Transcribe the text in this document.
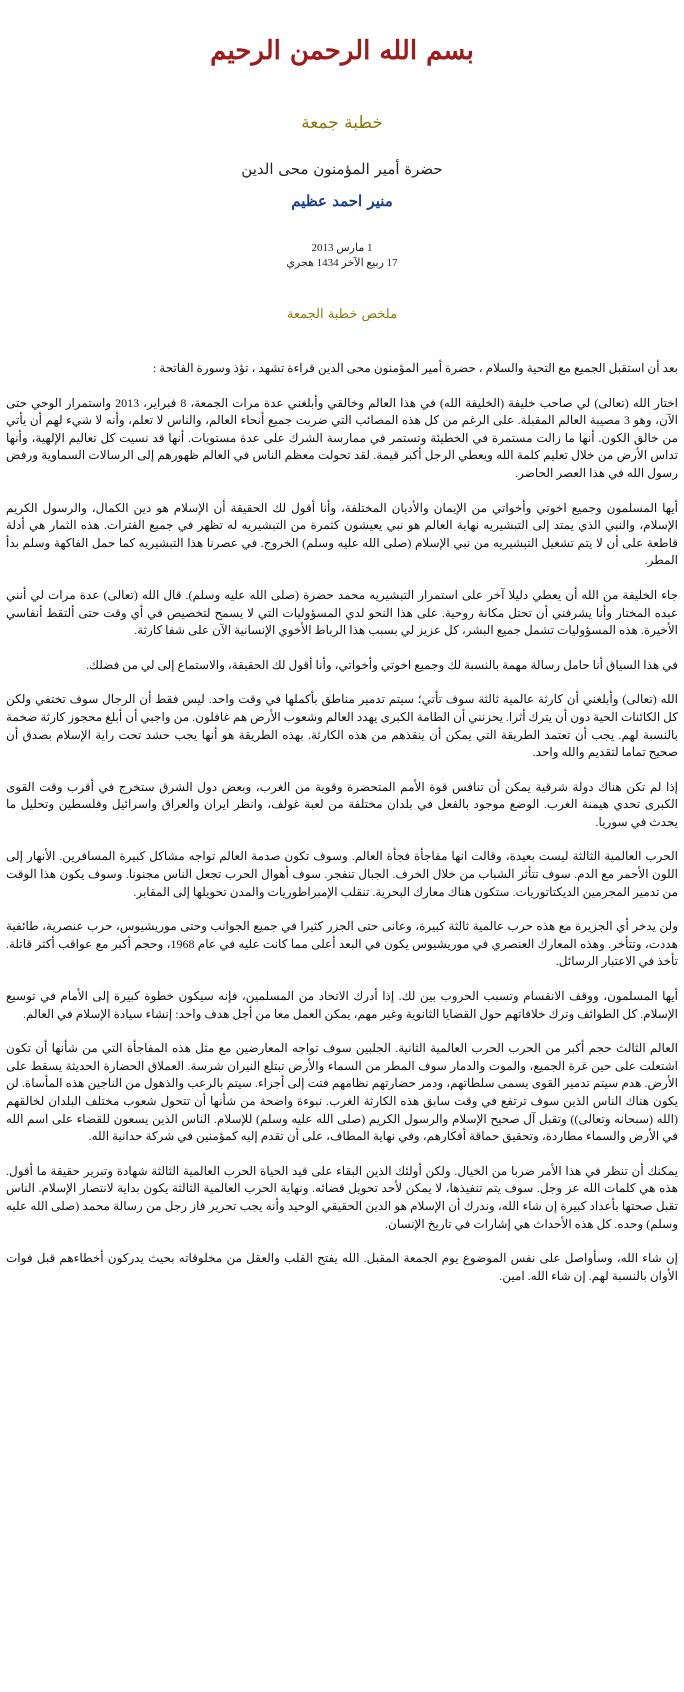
بسم الله الرحمن الرحيم
خطبة جمعة
حضرة أمير المؤمنون محى الدين
منير احمد عظيم
1 مارس 2013
17 ربيع الآخر 1434 هجري
ملخص خطبة الجمعة

بعد أن استقبل الجميع مع التحية والسلام ، حضرة أمير المؤمنون محى الدين قراءة تشهد ، تؤذ وسورة الفاتحة :

اختار الله (تعالى) لي صاحب خليفة (الخليفة الله) في هذا العالم وخالقي وأبلغني عدة مرات الجمعة، 8 فبراير، 2013 واستمرار الوحي حتى الآن، وهو 3 مصيبة العالم المقبلة. على الرغم من كل هذه المصائب التي ضربت جميع أنحاء العالم، والناس لا تعلم، وأنه لا شيء لهم أن يأتي من خالق الكون. أنها ما زالت مستمرة في الخطيئة وتستمر في ممارسة الشرك على عدة مستويات. أنها قد نسيت كل تعاليم الإلهية، وأنها تداس الأرض من خلال تعليم كلمة الله ويعطي الرجل أكبر قيمة. لقد تحولت معظم الناس في العالم ظهورهم إلى الرسالات السماوية ورفض رسول الله في هذا العصر الحاضر.

أيها المسلمون وجميع اخوتي وأخواتي من الإيمان والأديان المختلفة، وأنا أقول لك الحقيقة أن الإسلام هو دين الكمال، والرسول الكريم الإسلام، والنبي الذي يمتد إلى التبشيريه نهاية العالم هو نبي يعيشون كثمرة من التبشيريه له تظهر في جميع الفترات. هذه الثمار هي أدلة قاطعة على أن لا يتم تشغيل التبشيريه من نبي الإسلام (صلى الله عليه وسلم) الخروج. في عصرنا هذا التبشيريه كما حمل الفاكهة وسلم بدأ المطر.

جاء الخليفة من الله أن يعطي دليلا آخر على استمرار التبشيريه محمد حضرة (صلى الله عليه وسلم). قال الله (تعالى) عدة مرات لي أنني عبده المختار وأنا يشرفني أن تحتل مكانة روحية. على هذا النحو لدي المسؤوليات التي لا يسمح لتخصيص في أي وقت حتى ألتقط أنفاسي الأخيرة. هذه المسؤوليات تشمل جميع البشر، كل عزيز لي بسبب هذا الرباط الأخوي الإنسانية الآن على شفا كارثة.

في هذا السياق أنا حامل رسالة مهمة بالنسبة لك وجميع اخوتي وأخواتي، وأنا أقول لك الحقيقة، والاستماع إلى لي من فضلك.

الله (تعالى) وأبلغني أن كارثة عالمية ثالثة سوف تأتي؛ سيتم تدمير مناطق بأكملها في وقت واحد. ليس فقط أن الرجال سوف تختفي ولكن كل الكائنات الحية دون أن يترك أثرا. يحزنني أن الطامة الكبرى يهدد العالم وشعوب الأرض هم غافلون. من واجبي أن أبلغ محجوز كارثة ضخمة بالنسبة لهم. يجب أن تعتمد الطريقة التي يمكن أن ينقذهم من هذه الكارثة. بهذه الطريقة هو أنها يجب حشد تحت راية الإسلام بصدق أن صحيح تماما لتقديم والله واحد.

إذا لم تكن هناك دولة شرقية يمكن أن تنافس قوة الأمم المتحضرة وقوية من الغرب، وبعض دول الشرق ستخرج في أقرب وقت القوى الكبرى تحدي هيمنة الغرب. الوضع موجود بالفعل في بلدان مختلفة من لعبة غولف، وانظر ايران والعراق واسرائيل وفلسطين وتحليل ما يحدث في سوريا.

الحرب العالمية الثالثة ليست بعيدة، وقالت انها مفاجأة فجأة العالم. وسوف تكون صدمة العالم تواجه مشاكل كبيرة المسافرين. الأنهار إلى اللون الأحمر مع الدم. سوف تتأثر الشباب من خلال الخرف. الجبال تنفجر. سوف أهوال الحرب تجعل الناس مجنونا. وسوف يكون هذا الوقت من تدمير المجرمين الديكتاتوريات. ستكون هناك معارك البحرية. تنقلب الإمبراطوريات والمدن تحويلها إلى المقابر.

ولن يدخر أي الجزيرة مع هذه حرب عالمية ثالثة كبيرة، وعانى حتى الجزر كثيرا في جميع الجوانب وحتى موريشيوس، حرب عنصرية، طائفية هددت، وتتأخر. وهذه المعارك العنصري في موريشيوس يكون في البعد أعلى مما كانت عليه في عام 1968، وحجم أكبر مع عواقب أكثر قاتلة. تأخذ في الاعتبار الرسائل.

أيها المسلمون، ووقف الانقسام وتسبب الحروب بين لك. إذا أدرك الاتحاد من المسلمين، فإنه سيكون خطوة كبيرة إلى الأمام في توسيع الإسلام. كل الطوائف وترك خلافاتهم حول القضايا الثانوية وغير مهم، يمكن العمل معا من أجل هدف واحد: إنشاء سيادة الإسلام في العالم.

العالم الثالث حجم أكبر من الحرب الحرب العالمية الثانية. الجلبين سوف تواجه المعارضين مع مثل هذه المفاجأة التي من شأنها أن تكون اشتعلت على حين غرة الجميع، والموت والدمار سوف المطر من السماء والأرض تبتلع النيران شرسة. العملاق الحضارة الحديثة يسقط على الأرض. هدم سيتم تدمير القوى يسمى سلطاتهم، ودمر حضارتهم نظامهم فتت إلى أجزاء. سيتم بالرعب والذهول من الناجين هذه المأساة. لن يكون هناك الناس الذين سوف ترتفع في وقت سابق هذه الكارثة الغرب. نبوءة واضحة من شأنها أن تتحول شعوب مختلف البلدان لخالقهم (الله (سبحانه وتعالى)) وتقبل آل صحيح الإسلام والرسول الكريم (صلى الله عليه وسلم) للإسلام. الناس الذين يسعون للقضاء على اسم الله في الأرض والسماء مطاردة، وتحقيق حماقة أفكارهم، وفي نهاية المطاف، على أن تقدم إليه كمؤمنين في شركة حدانية الله.

يمكنك أن تنظر في هذا الأمر ضربا من الخيال. ولكن أولئك الذين البقاء على قيد الحياة الحرب العالمية الثالثة شهادة وتبرير حقيقة ما أقول. هذه هي كلمات الله عز وجل. سوف يتم تنفيذها، لا يمكن لأحد تحويل قضائه. ونهاية الحرب العالمية الثالثة يكون بداية لانتصار الإسلام. الناس تقبل صحتها بأعداد كبيرة إن شاء الله، وندرك أن الإسلام هو الدين الحقيقي الوحيد وأنه يجب تحرير فاز رجل من رسالة محمد (صلى الله عليه وسلم) وحده. كل هذه الأحداث هي إشارات في تاريخ الإنسان.

إن شاء الله، وسأواصل على نفس الموضوع يوم الجمعة المقبل. الله يفتح القلب والعقل من مخلوقاته بحيث يدركون أخطاءهم قبل فوات الأوان بالنسبة لهم. إن شاء الله. امين.
